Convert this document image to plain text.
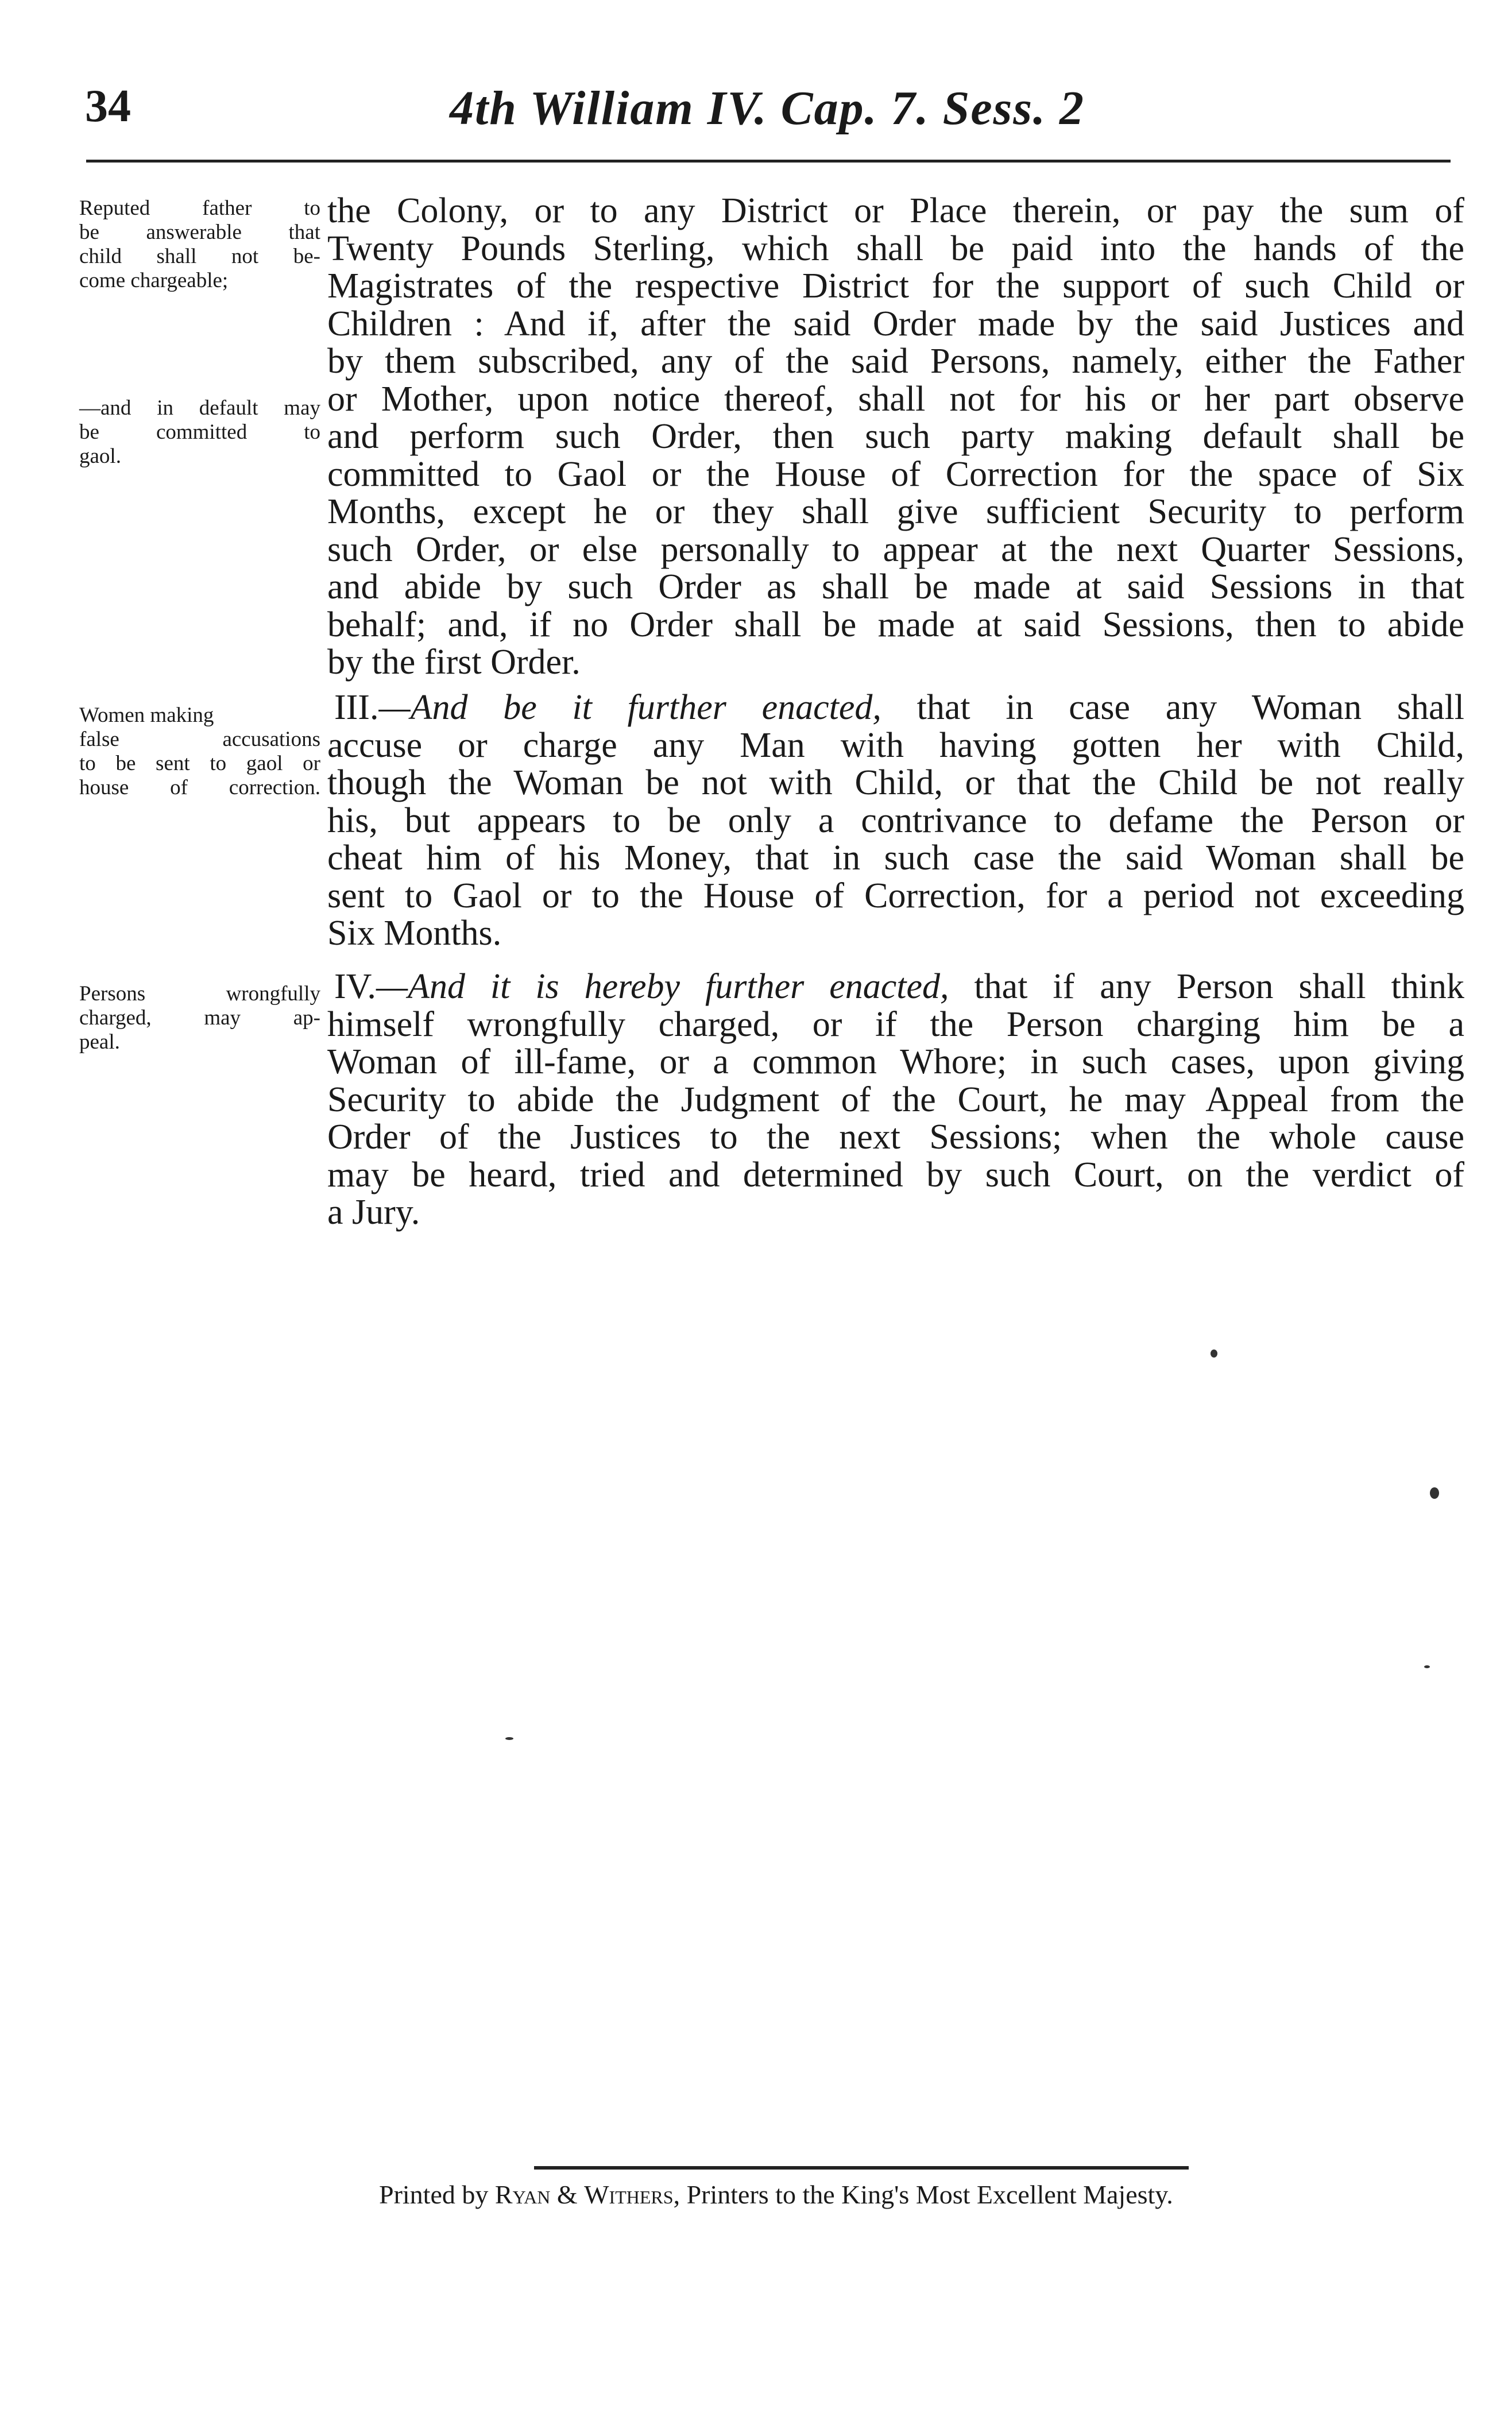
34	4th William IV. Cap. 7. Sess. 2
Reputed father to
be answerable that
child shall not be-
come chargeable;
—and in default may
be committed to
gaol.
Women making
false accusations
to be sent to gaol or
house of correction.
Persons wrongfully
charged, may ap-
peal.
the Colony, or to any District or Place therein, or pay the sum of
Twenty Pounds Sterling, which shall be paid into the hands of the
Magistrates of the respective District for the support of such Child or
Children : And if, after the said Order made by the said Justices and
by them subscribed, any of the said Persons, namely, either the Father
or Mother, upon notice thereof, shall not for his or her part observe
and perform such Order, then such party making default shall be
committed to Gaol or the House of Correction for the space of Six
Months, except he or they shall give sufficient Security to perform
such Order, or else personally to appear at the next Quarter Sessions,
and abide by such Order as shall be made at said Sessions in that
behalf; and, if no Order shall be made at said Sessions, then to abide
by the first Order.
III.—And be it further enacted, that in case any Woman shall
accuse or charge any Man with having gotten her with Child,
though the Woman be not with Child, or that the Child be not really
his, but appears to be only a contrivance to defame the Person or
cheat him of his Money, that in such case the said Woman shall be
sent to Gaol or to the House of Correction, for a period not exceeding
Six Months.
IV.—And it is hereby further enacted, that if any Person shall think
himself wrongfully charged, or if the Person charging him be a
Woman of ill-fame, or a common Whore; in such cases, upon giving
Security to abide the Judgment of the Court, he may Appeal from the
Order of the Justices to the next Sessions; when the whole cause
may be heard, tried and determined by such Court, on the verdict of
a Jury.
Printed by Ryan & Withers, Printers to the King's Most Excellent Majesty.
